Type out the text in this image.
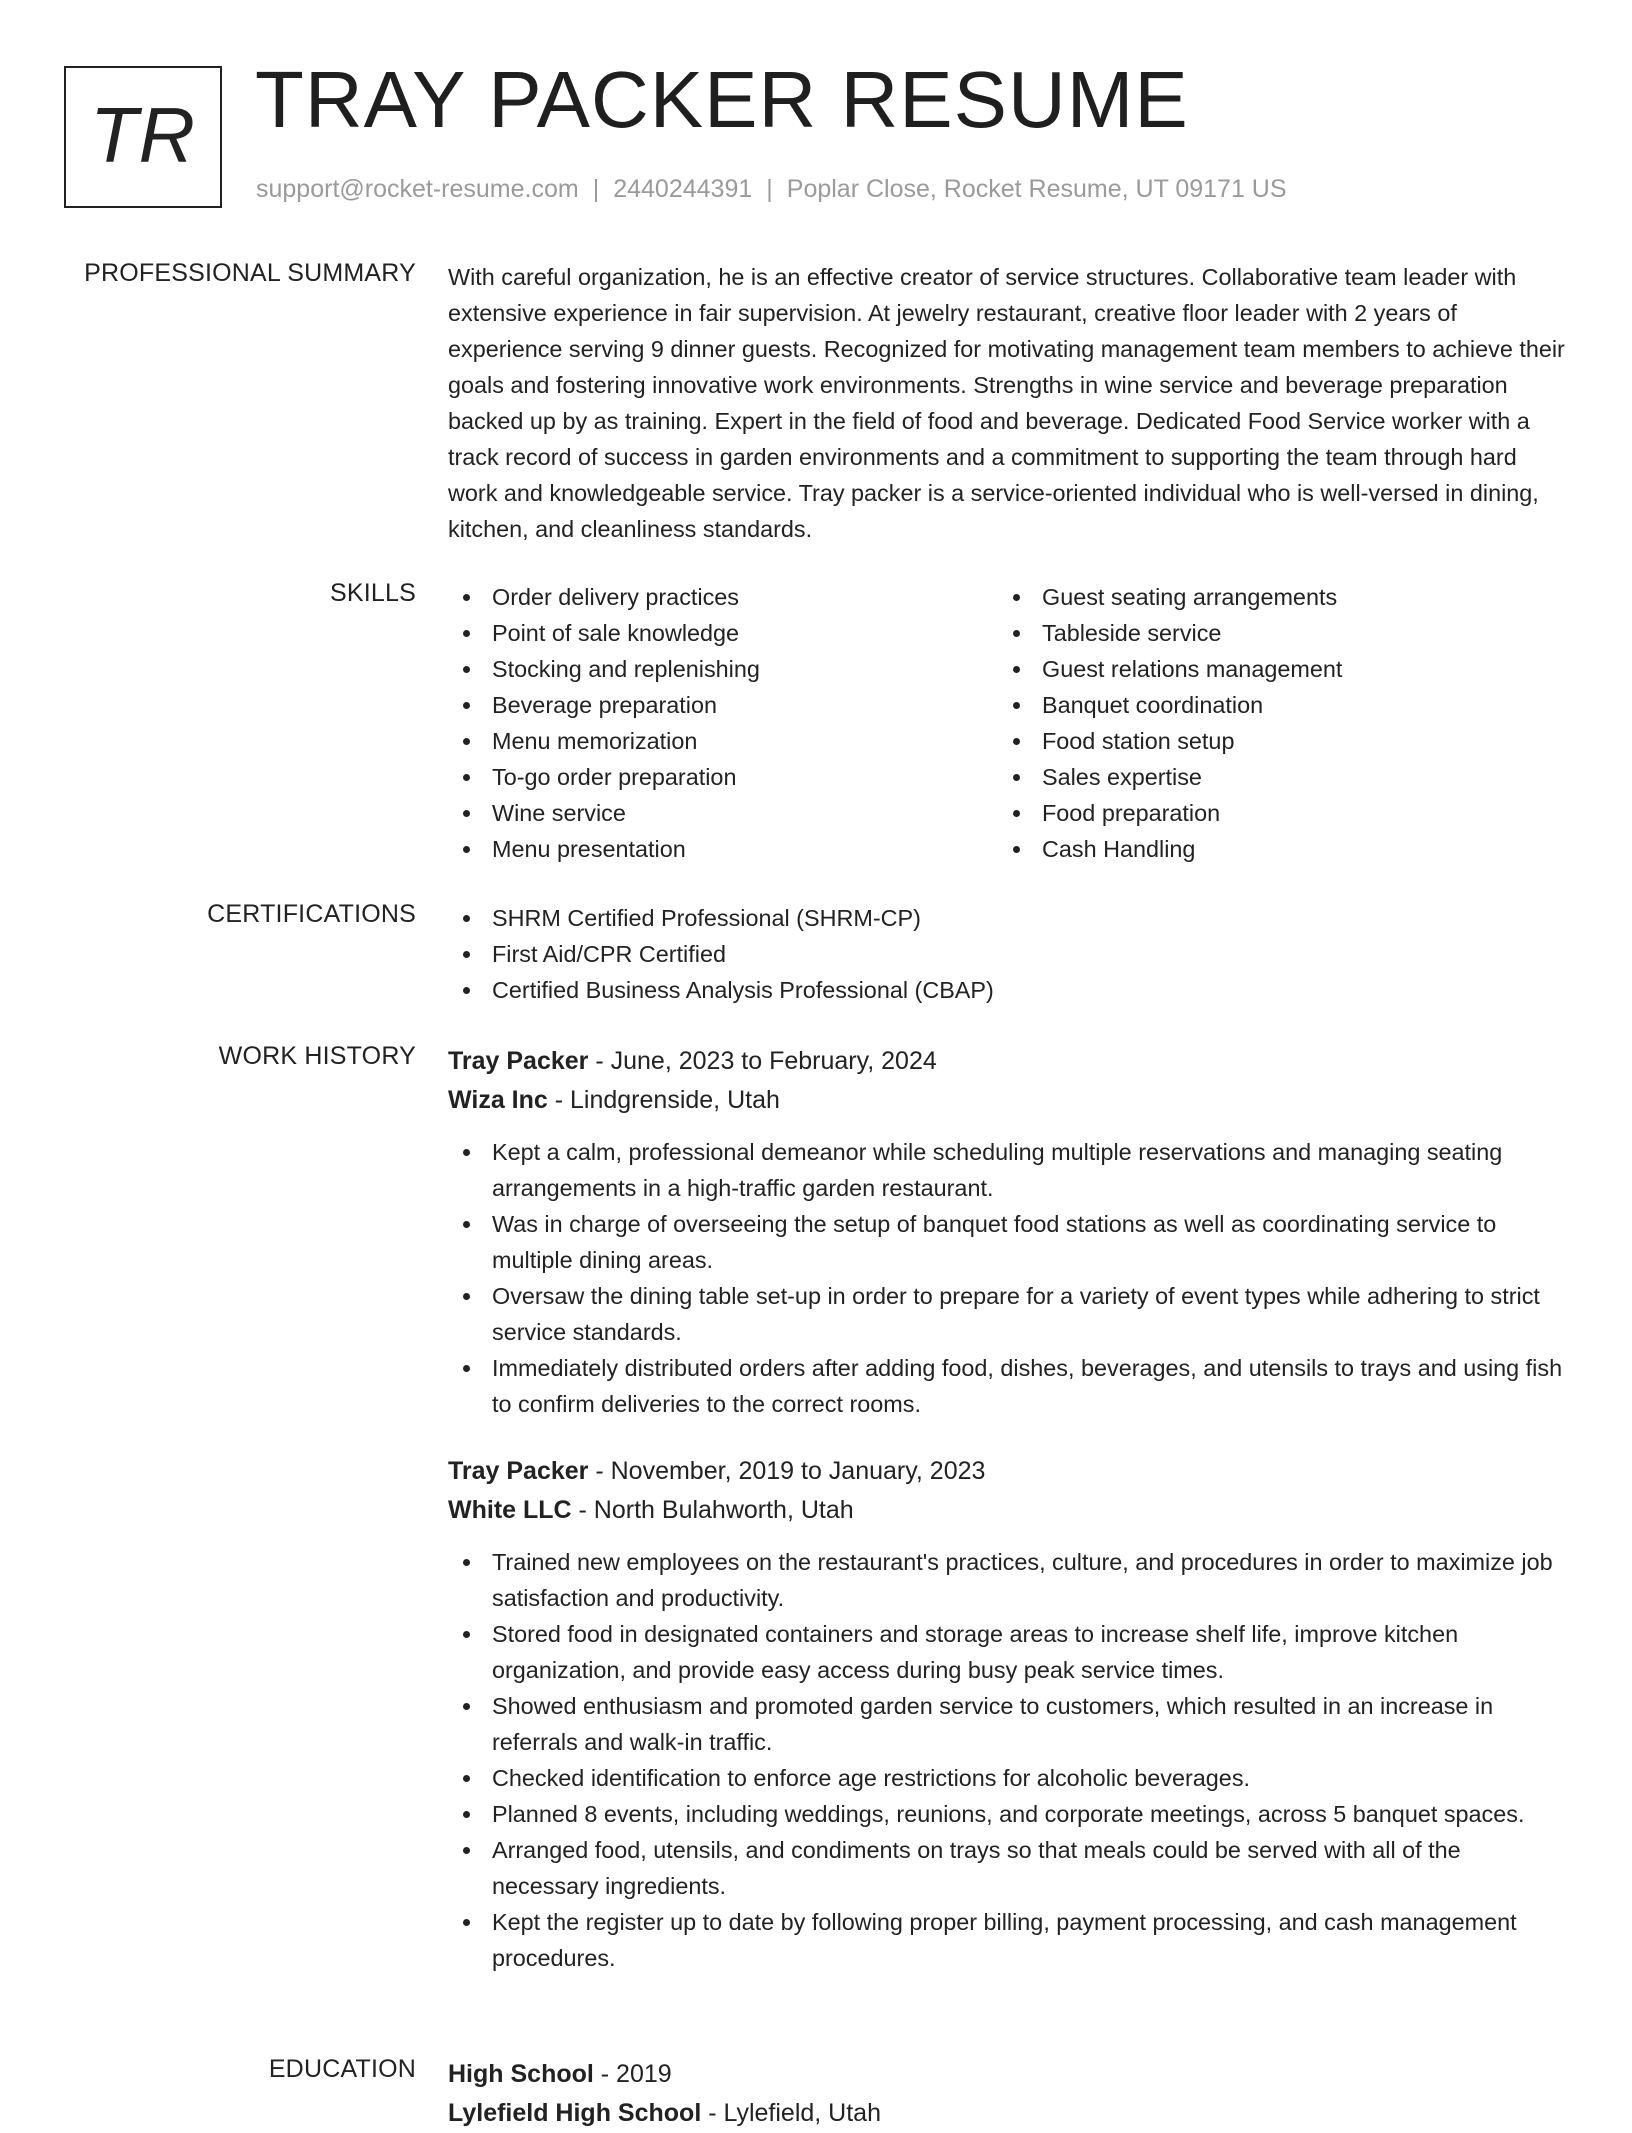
TR TRAY PACKER RESUME
support@rocket-resume.com | 2440244391 | Poplar Close, Rocket Resume, UT 09171 US
PROFESSIONAL SUMMARY With careful organization, he is an effective creator of service structures. Collaborative team leader with extensive experience in fair supervision. At jewelry restaurant, creative floor leader with 2 years of experience serving 9 dinner guests. Recognized for motivating management team members to achieve their goals and fostering innovative work environments. Strengths in wine service and beverage preparation backed up by as training. Expert in the field of food and beverage. Dedicated Food Service worker with a track record of success in garden environments and a commitment to supporting the team through hard work and knowledgeable service. Tray packer is a service-oriented individual who is well-versed in dining, kitchen, and cleanliness standards.

SKILLS	Order delivery practices
Point of sale knowledge
Stocking and replenishing
Beverage preparation
Menu memorization
To-go order preparation
Wine service
Menu presentation
Guest seating arrangements
Tableside service
Guest relations management
Banquet coordination
Food station setup
Sales expertise
Food preparation
Cash Handling
CERTIFICATIONS	SHRM Certified Professional (SHRM-CP)
First Aid/CPR Certified
Certified Business Analysis Professional (CBAP)
WORK HISTORY Tray Packer - June, 2023 to February, 2024
Wiza Inc - Lindgrenside, Utah
Kept a calm, professional demeanor while scheduling multiple reservations and managing seating arrangements in a high-traffic garden restaurant.
Was in charge of overseeing the setup of banquet food stations as well as coordinating service to multiple dining areas.
Oversaw the dining table set-up in order to prepare for a variety of event types while adhering to strict service standards.
Immediately distributed orders after adding food, dishes, beverages, and utensils to trays and using fish to confirm deliveries to the correct rooms.
Tray Packer - November, 2019 to January, 2023
White LLC - North Bulahworth, Utah
Trained new employees on the restaurant's practices, culture, and procedures in order to maximize job satisfaction and productivity.
Stored food in designated containers and storage areas to increase shelf life, improve kitchen organization, and provide easy access during busy peak service times.
Showed enthusiasm and promoted garden service to customers, which resulted in an increase in referrals and walk-in traffic.
Checked identification to enforce age restrictions for alcoholic beverages.
Planned 8 events, including weddings, reunions, and corporate meetings, across 5 banquet spaces.
Arranged food, utensils, and condiments on trays so that meals could be served with all of the necessary ingredients.
Kept the register up to date by following proper billing, payment processing, and cash management procedures.
EDUCATION High School - 2019
Lylefield High School - Lylefield, Utah
